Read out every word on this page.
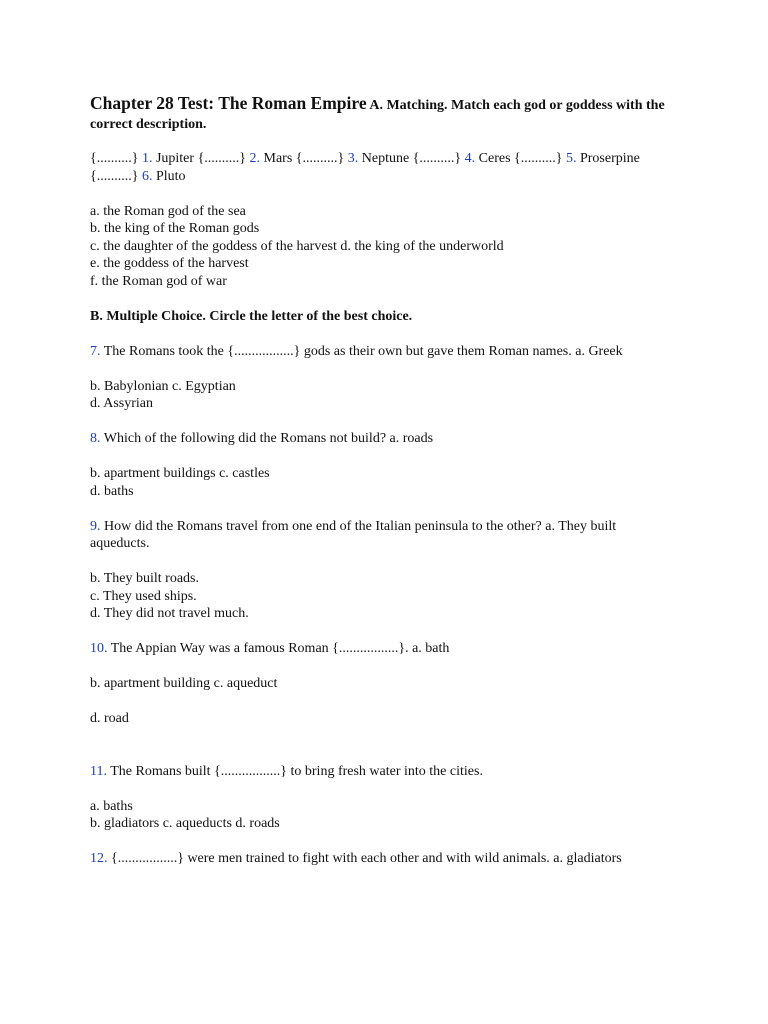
Chapter 28 Test: The Roman Empire A. Matching. Match each god or goddess with the correct description.

{..........} 1. Jupiter {..........} 2. Mars {..........} 3. Neptune {..........} 4. Ceres {..........} 5. Proserpine {..........} 6. Pluto

a. the Roman god of the sea
b. the king of the Roman gods
c. the daughter of the goddess of the harvest d. the king of the underworld
e. the goddess of the harvest
f. the Roman god of war

B. Multiple Choice. Circle the letter of the best choice.

7. The Romans took the {.................} gods as their own but gave them Roman names. a. Greek

b. Babylonian c. Egyptian
d. Assyrian

8. Which of the following did the Romans not build? a. roads

b. apartment buildings c. castles
d. baths

9. How did the Romans travel from one end of the Italian peninsula to the other? a. They built aqueducts.

b. They built roads.
c. They used ships.
d. They did not travel much.

10. The Appian Way was a famous Roman {.................}. a. bath

b. apartment building c. aqueduct

d. road

11. The Romans built {.................} to bring fresh water into the cities.

a. baths
b. gladiators c. aqueducts d. roads

12. {.................} were men trained to fight with each other and with wild animals. a. gladiators
